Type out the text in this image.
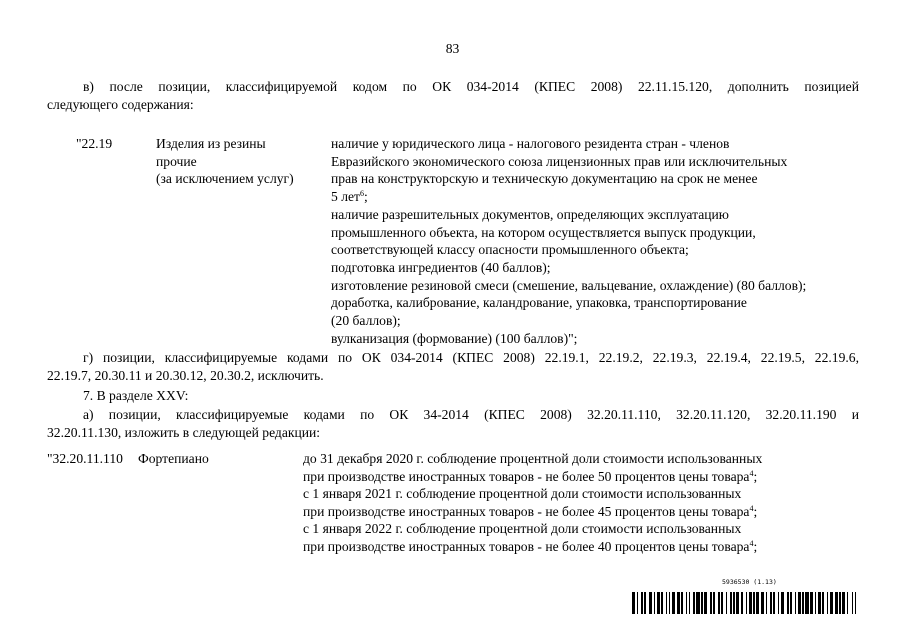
83
в) после позиции, классифицируемой кодом по ОК 034-2014 (КПЕС 2008) 22.11.15.120, дополнить позицией
следующего содержания:
"22.19	Изделия из резины
прочие
(за исключением услуг)
наличие у юридического лица - налогового резидента стран - членов
Евразийского экономического союза лицензионных прав или исключительных
прав на конструкторскую и техническую документацию на срок не менее
5 лет$^6$;
наличие разрешительных документов, определяющих эксплуатацию
промышленного объекта, на котором осуществляется выпуск продукции,
соответствующей классу опасности промышленного объекта;
подготовка ингредиентов (40 баллов);
изготовление резиновой смеси (смешение, вальцевание, охлаждение) (80 баллов);
доработка, калибрование, каландрование, упаковка, транспортирование
(20 баллов);
вулканизация (формование) (100 баллов)";
г) позиции, классифицируемые кодами по ОК 034-2014 (КПЕС 2008) 22.19.1, 22.19.2, 22.19.3, 22.19.4, 22.19.5, 22.19.6,
22.19.7, 20.30.11 и 20.30.12, 20.30.2, исключить.
7. В разделе XXV:
а) позиции, классифицируемые кодами по ОК 34-2014 (КПЕС 2008) 32.20.11.110, 32.20.11.120, 32.20.11.190 и
32.20.11.130, изложить в следующей редакции:
"32.20.11.110 Фортепиано	до 31 декабря 2020 г. соблюдение процентной доли стоимости использованных
при производстве иностранных товаров - не более 50 процентов цены товара$^4$;
с 1 января 2021 г. соблюдение процентной доли стоимости использованных
при производстве иностранных товаров - не более 45 процентов цены товара$^4$;
с 1 января 2022 г. соблюдение процентной доли стоимости использованных
при производстве иностранных товаров - не более 40 процентов цены товара$^4$;
5936530 (1.13)
